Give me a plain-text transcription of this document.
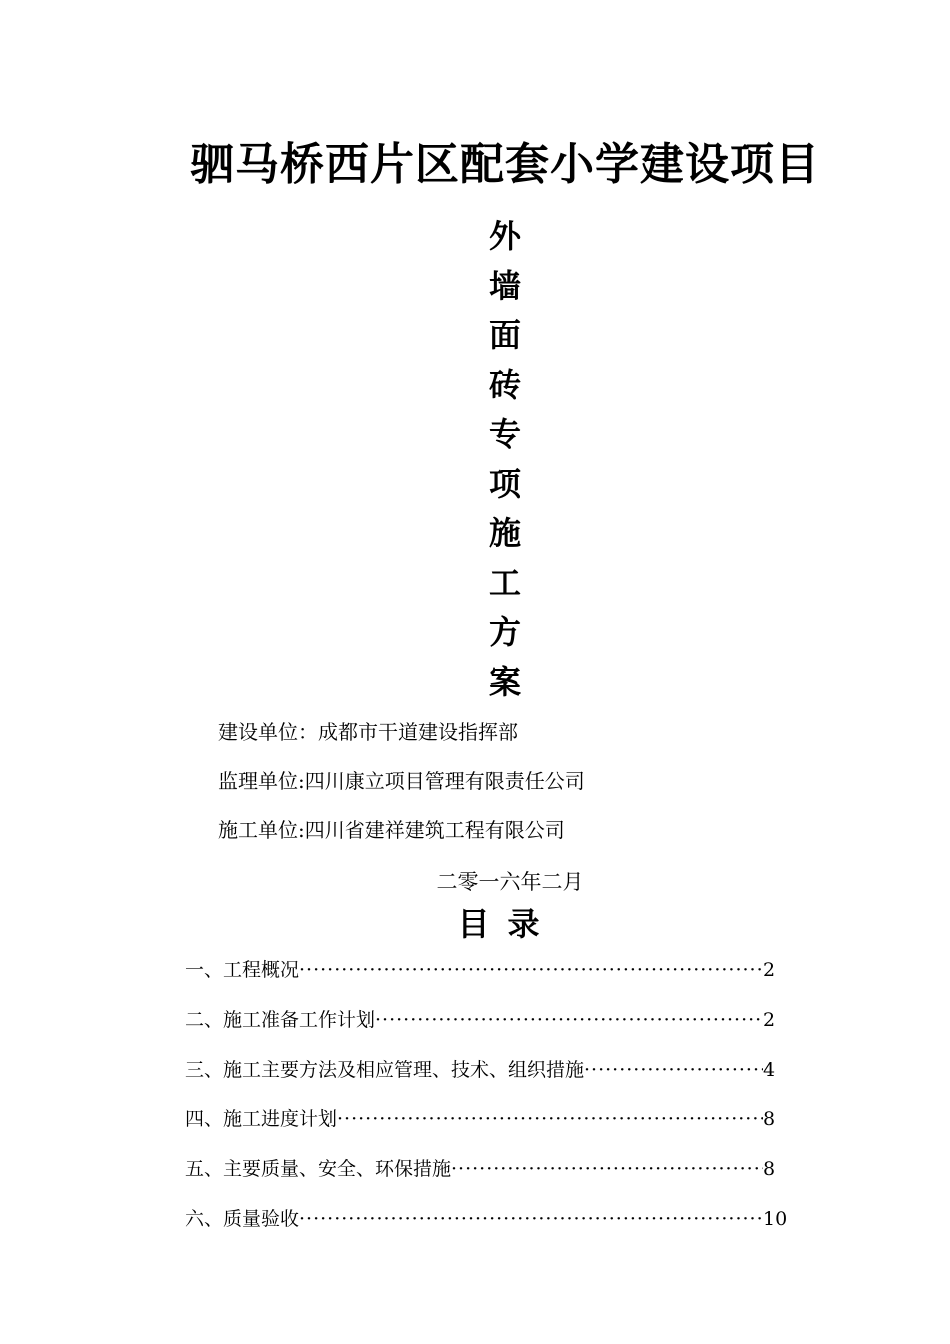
驷马桥西片区配套小学建设项目
外
墙
面
砖
专
项
施
工
方
案
建设单位：成都市干道建设指挥部
监理单位:四川康立项目管理有限责任公司
施工单位:四川省建祥建筑工程有限公司
二零一六年二月
目录
一、工程概况 ·····	2
二、施工准备工作计划 ·····	2
三、施工主要方法及相应管理、技术、组织措施 ·····	4
四、施工进度计划 ·····	8
五、主要质量、安全、环保措施 ·····	8
六、质量验收 ·····	10
